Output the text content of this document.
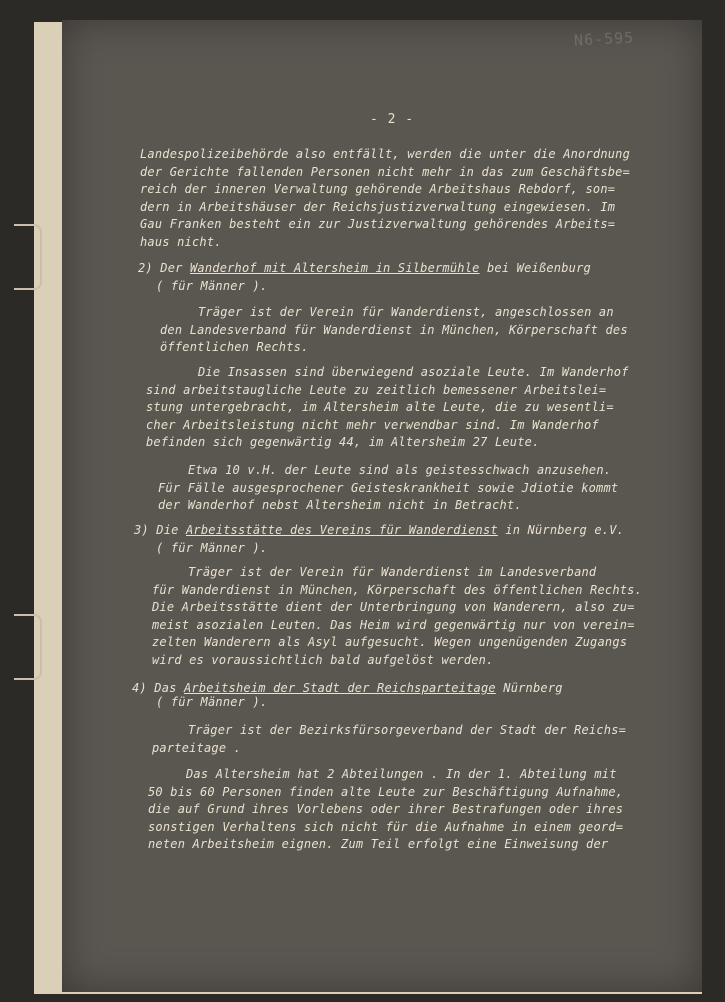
N6-595
- 2 -
Landespolizeibehörde also entfällt, werden die unter die Anordnung
der Gerichte fallenden Personen nicht mehr in das zum Geschäftsbe=
reich der inneren Verwaltung gehörende Arbeitshaus Rebdorf, son=
dern in Arbeitshäuser der Reichsjustizverwaltung eingewiesen. Im
Gau Franken besteht ein zur Justizverwaltung gehörendes Arbeits=
haus nicht.
2) Der Wanderhof mit Altersheim in Silbermühle bei Weißenburg
( für Männer ).
Träger ist der Verein für Wanderdienst, angeschlossen an
den Landesverband für Wanderdienst in München, Körperschaft des
öffentlichen Rechts.
Die Insassen sind überwiegend asoziale Leute. Im Wanderhof
sind arbeitstaugliche Leute zu zeitlich bemessener Arbeitslei=
stung untergebracht, im Altersheim alte Leute, die zu wesentli=
cher Arbeitsleistung nicht mehr verwendbar sind. Im Wanderhof
befinden sich gegenwärtig 44, im Altersheim 27 Leute.
Etwa 10 v.H. der Leute sind als geistesschwach anzusehen.
Für Fälle ausgesprochener Geisteskrankheit sowie Jdiotie kommt
der Wanderhof nebst Altersheim nicht in Betracht.
3) Die Arbeitsstätte des Vereins für Wanderdienst in Nürnberg e.V.
( für Männer ).
Träger ist der Verein für Wanderdienst im Landesverband
für Wanderdienst in München, Körperschaft des öffentlichen Rechts.
Die Arbeitsstätte dient der Unterbringung von Wanderern, also zu=
meist asozialen Leuten. Das Heim wird gegenwärtig nur von verein=
zelten Wanderern als Asyl aufgesucht. Wegen ungenügenden Zugangs
wird es voraussichtlich bald aufgelöst werden.
4) Das Arbeitsheim der Stadt der Reichsparteitage Nürnberg
( für Männer ).
Träger ist der Bezirksfürsorgeverband der Stadt der Reichs=
parteitage .
Das Altersheim hat 2 Abteilungen . In der 1. Abteilung mit
50 bis 60 Personen finden alte Leute zur Beschäftigung Aufnahme,
die auf Grund ihres Vorlebens oder ihrer Bestrafungen oder ihres
sonstigen Verhaltens sich nicht für die Aufnahme in einem geord=
neten Arbeitsheim eignen. Zum Teil erfolgt eine Einweisung der
